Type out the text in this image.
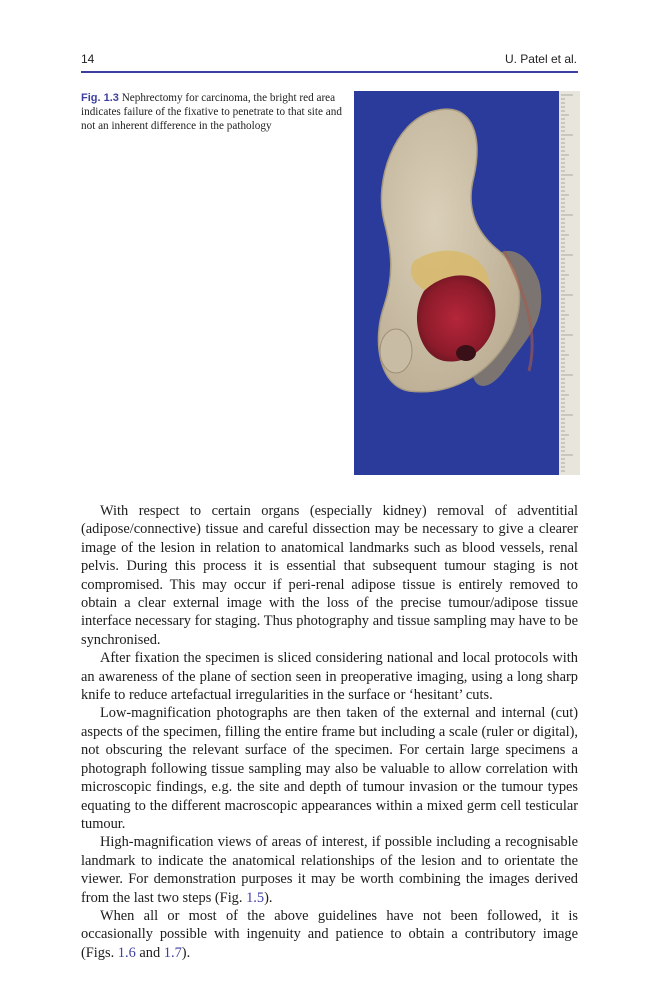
14	U. Patel et al.
Fig. 1.3 Nephrectomy for carcinoma, the bright red area indicates failure of the fixative to penetrate to that site and not an inherent difference in the pathology

With respect to certain organs (especially kidney) removal of adventitial (adipose/connective) tissue and careful dissection may be necessary to give a clearer image of the lesion in relation to anatomical landmarks such as blood vessels, renal pelvis. During this process it is essential that subsequent tumour staging is not compromised. This may occur if peri-renal adipose tissue is entirely removed to obtain a clear external image with the loss of the precise tumour/adipose tissue interface necessary for staging. Thus photography and tissue sampling may have to be synchronised.

After fixation the specimen is sliced considering national and local protocols with an awareness of the plane of section seen in preoperative imaging, using a long sharp knife to reduce artefactual irregularities in the surface or ‘hesitant’ cuts.

Low-magnification photographs are then taken of the external and internal (cut) aspects of the specimen, filling the entire frame but including a scale (ruler or digital), not obscuring the relevant surface of the specimen. For certain large specimens a photograph following tissue sampling may also be valuable to allow correlation with microscopic findings, e.g. the site and depth of tumour invasion or the tumour types equating to the different macroscopic appearances within a mixed germ cell testicular tumour.

High-magnification views of areas of interest, if possible including a recognisable landmark to indicate the anatomical relationships of the lesion and to orientate the viewer. For demonstration purposes it may be worth combining the images derived from the last two steps (Fig. 1.5).

When all or most of the above guidelines have not been followed, it is occasionally possible with ingenuity and patience to obtain a contributory image (Figs. 1.6 and 1.7).
